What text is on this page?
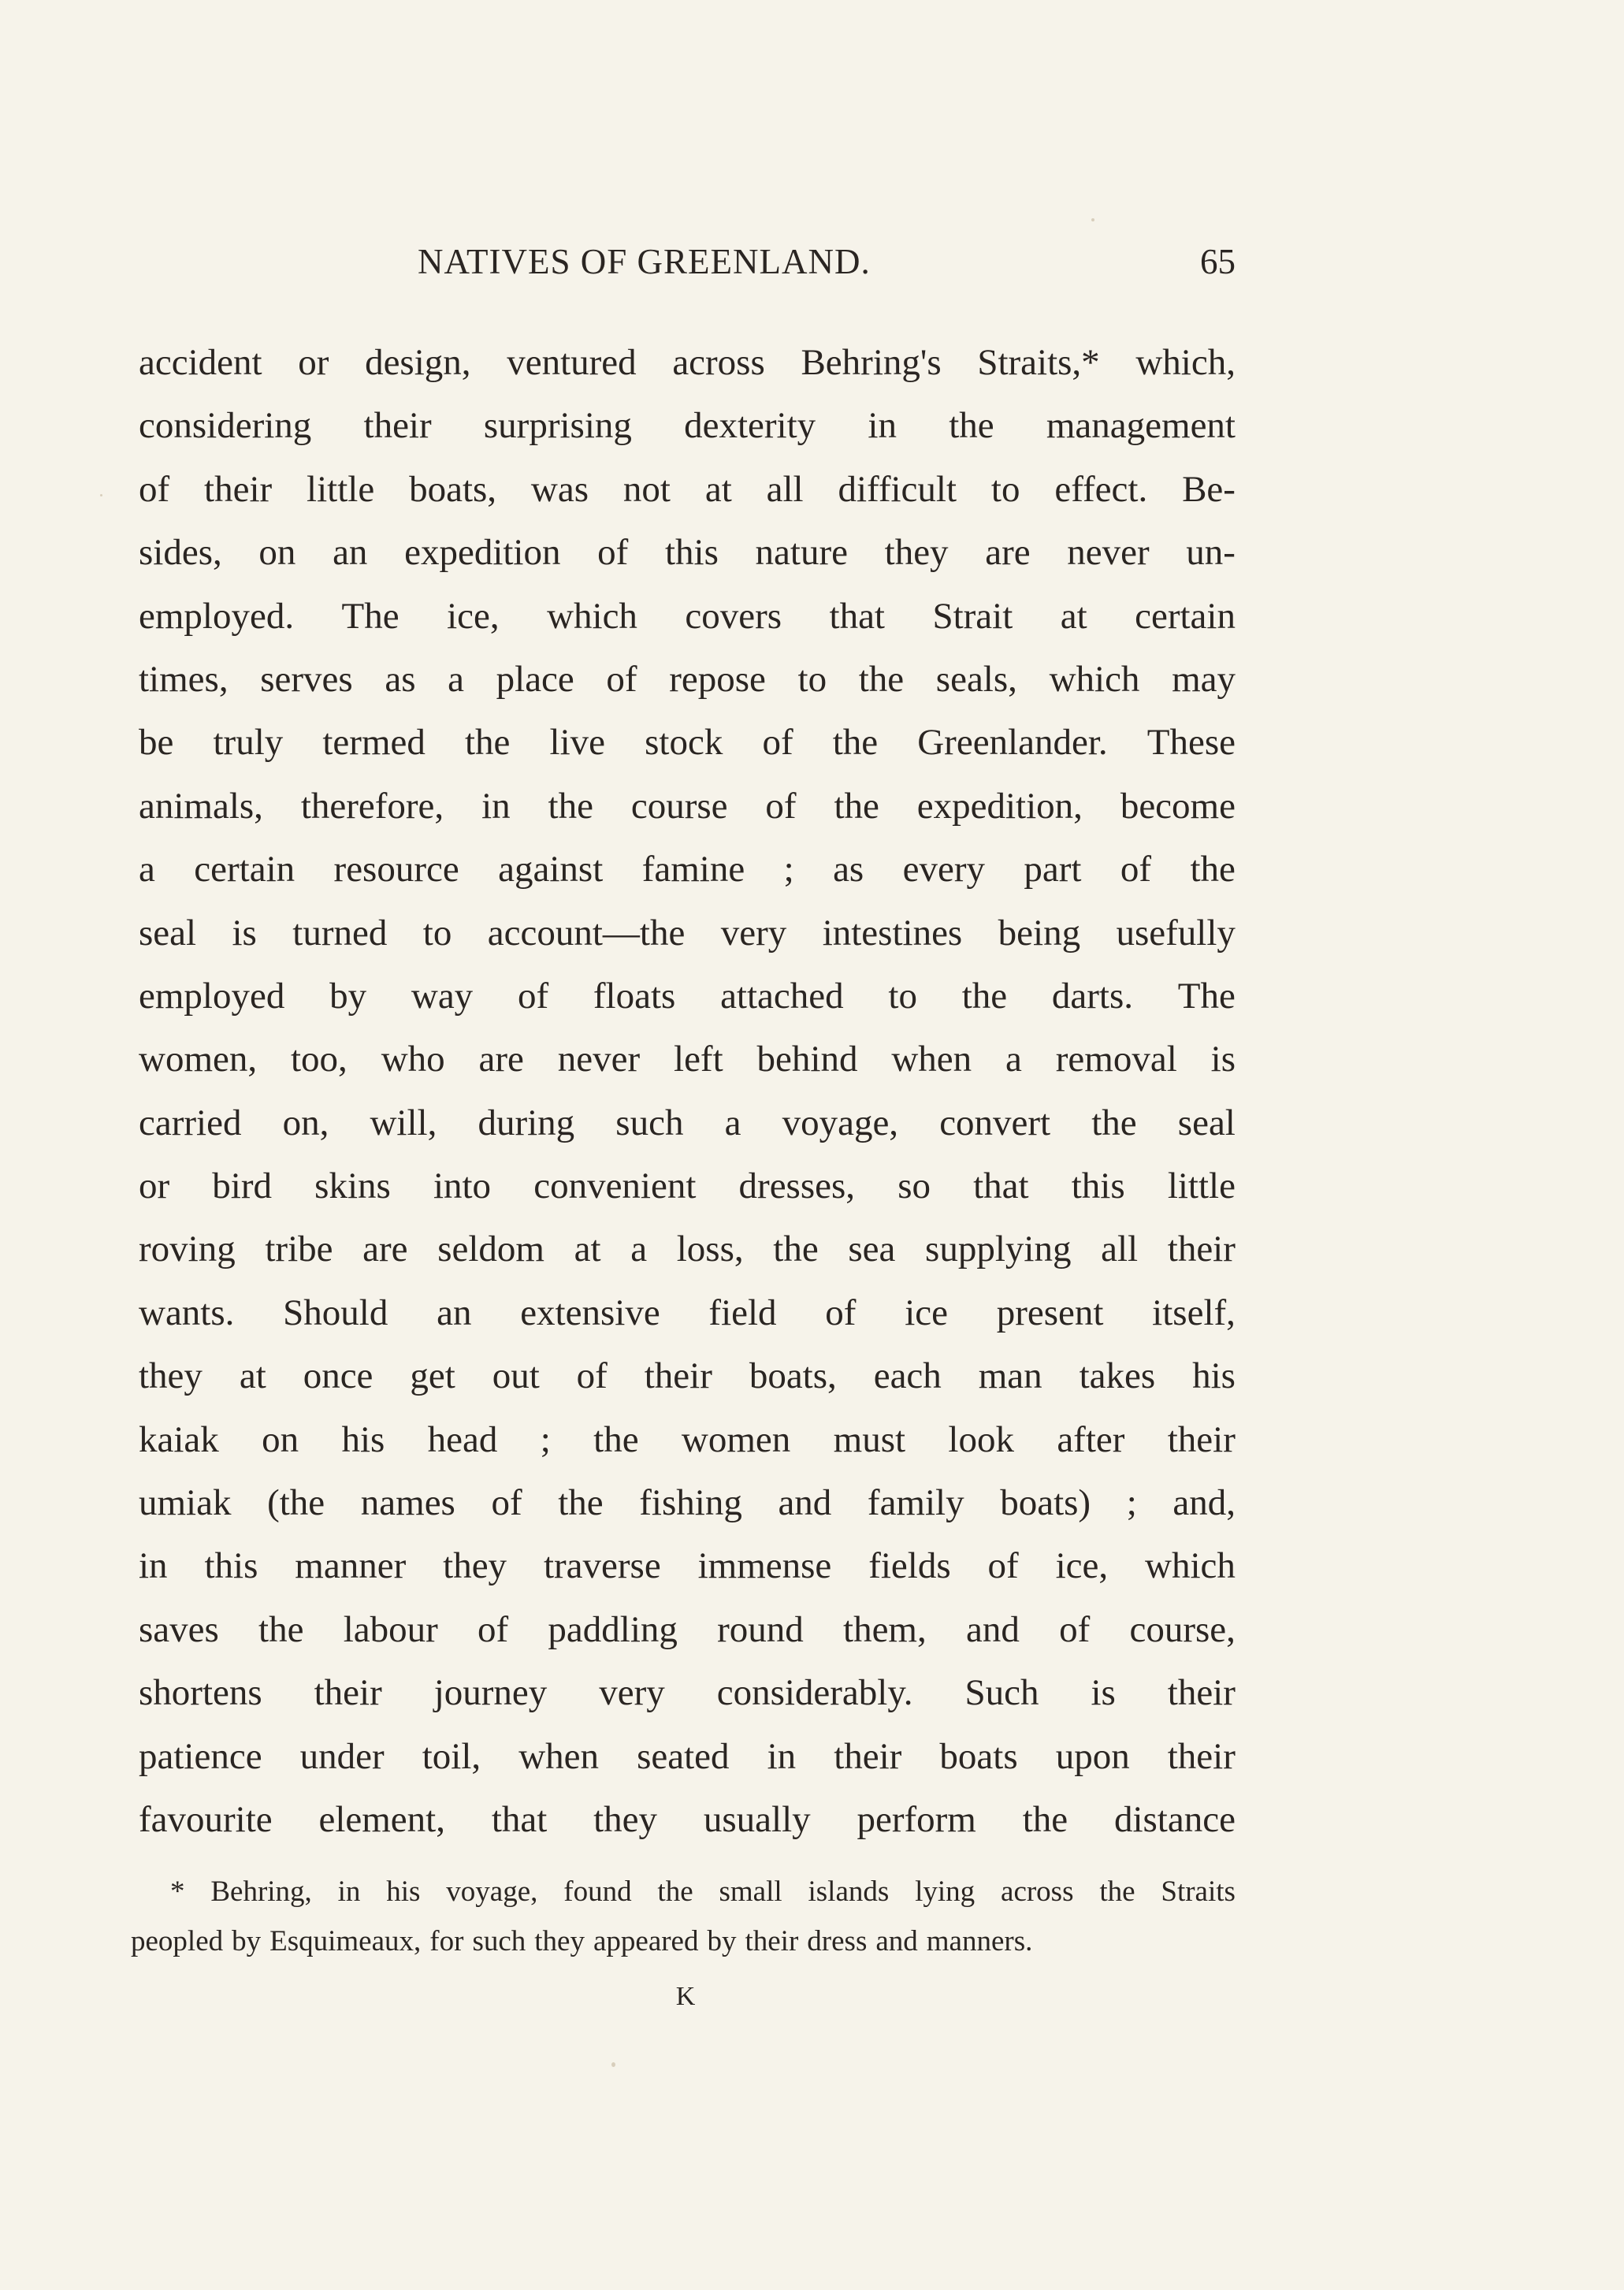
NATIVES OF GREENLAND.	65
accident or design, ventured across Behring's Straits,* which,
considering their surprising dexterity in the management
of their little boats, was not at all difficult to effect. Be-
sides, on an expedition of this nature they are never un-
employed. The ice, which covers that Strait at certain
times, serves as a place of repose to the seals, which may
be truly termed the live stock of the Greenlander. These
animals, therefore, in the course of the expedition, become
a certain resource against famine ; as every part of the
seal is turned to account—the very intestines being usefully
employed by way of floats attached to the darts. The
women, too, who are never left behind when a removal is
carried on, will, during such a voyage, convert the seal
or bird skins into convenient dresses, so that this little
roving tribe are seldom at a loss, the sea supplying all their
wants. Should an extensive field of ice present itself,
they at once get out of their boats, each man takes his
kaiak on his head ; the women must look after their
umiak (the names of the fishing and family boats) ; and,
in this manner they traverse immense fields of ice, which
saves the labour of paddling round them, and of course,
shortens their journey very considerably. Such is their
patience under toil, when seated in their boats upon their
favourite element, that they usually perform the distance
* Behring, in his voyage, found the small islands lying across the Straits
peopled by Esquimeaux, for such they appeared by their dress and manners.
K
